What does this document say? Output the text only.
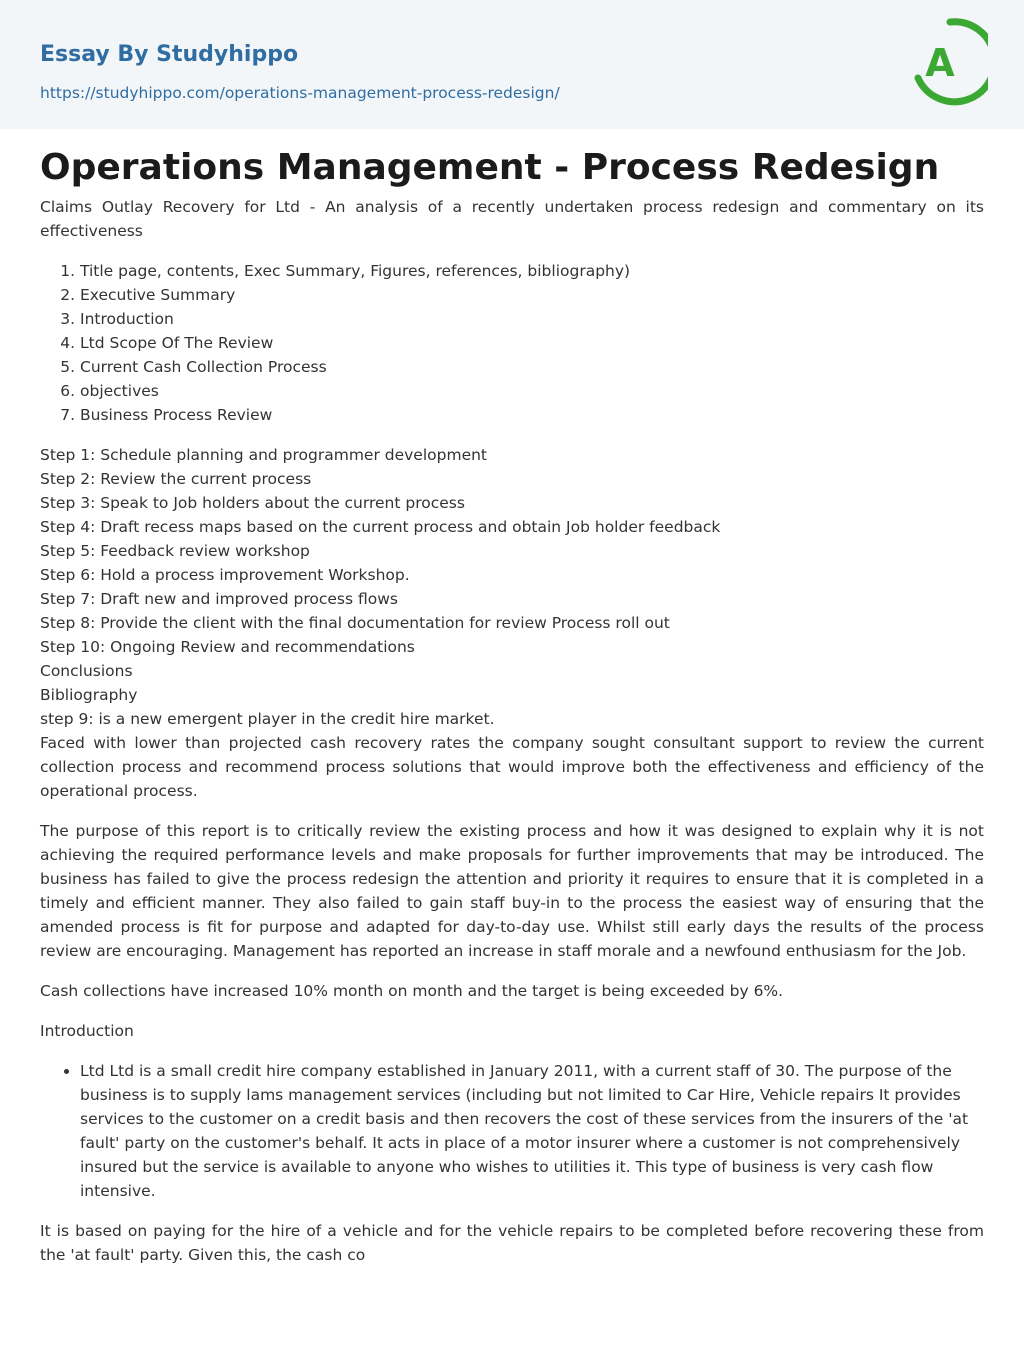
Essay By Studyhippo
https://studyhippo.com/operations-management-process-redesign/
A
Operations Management - Process Redesign

Claims Outlay Recovery for Ltd - An analysis of a recently undertaken process redesign and commentary on its effectiveness

1. Title page, contents, Exec Summary, Figures, references, bibliography)
2. Executive Summary
3. Introduction
4. Ltd Scope Of The Review
5. Current Cash Collection Process
6. objectives
7. Business Process Review
Step 1: Schedule planning and programmer development
Step 2: Review the current process
Step 3: Speak to Job holders about the current process
Step 4: Draft recess maps based on the current process and obtain Job holder feedback
Step 5: Feedback review workshop
Step 6: Hold a process improvement Workshop.
Step 7: Draft new and improved process flows
Step 8: Provide the client with the final documentation for review Process roll out
Step 10: Ongoing Review and recommendations
Conclusions
Bibliography
step 9: is a new emergent player in the credit hire market.
Faced with lower than projected cash recovery rates the company sought consultant support to review the current collection process and recommend process solutions that would improve both the effectiveness and efficiency of the operational process.

The purpose of this report is to critically review the existing process and how it was designed to explain why it is not achieving the required performance levels and make proposals for further improvements that may be introduced. The business has failed to give the process redesign the attention and priority it requires to ensure that it is completed in a timely and efficient manner. They also failed to gain staff buy-in to the process the easiest way of ensuring that the amended process is fit for purpose and adapted for day-to-day use. Whilst still early days the results of the process review are encouraging. Management has reported an increase in staff morale and a newfound enthusiasm for the Job.

Cash collections have increased 10% month on month and the target is being exceeded by 6%.

Introduction

• Ltd Ltd is a small credit hire company established in January 2011, with a current staff of 30. The purpose of the business is to supply lams management services (including but not limited to Car Hire, Vehicle repairs It provides services to the customer on a credit basis and then recovers the cost of these services from the insurers of the 'at fault' party on the customer's behalf. It acts in place of a motor insurer where a customer is not comprehensively insured but the service is available to anyone who wishes to utilities it. This type of business is very cash flow intensive.

It is based on paying for the hire of a vehicle and for the vehicle repairs to be completed before recovering these from the 'at fault' party. Given this, the cash co
